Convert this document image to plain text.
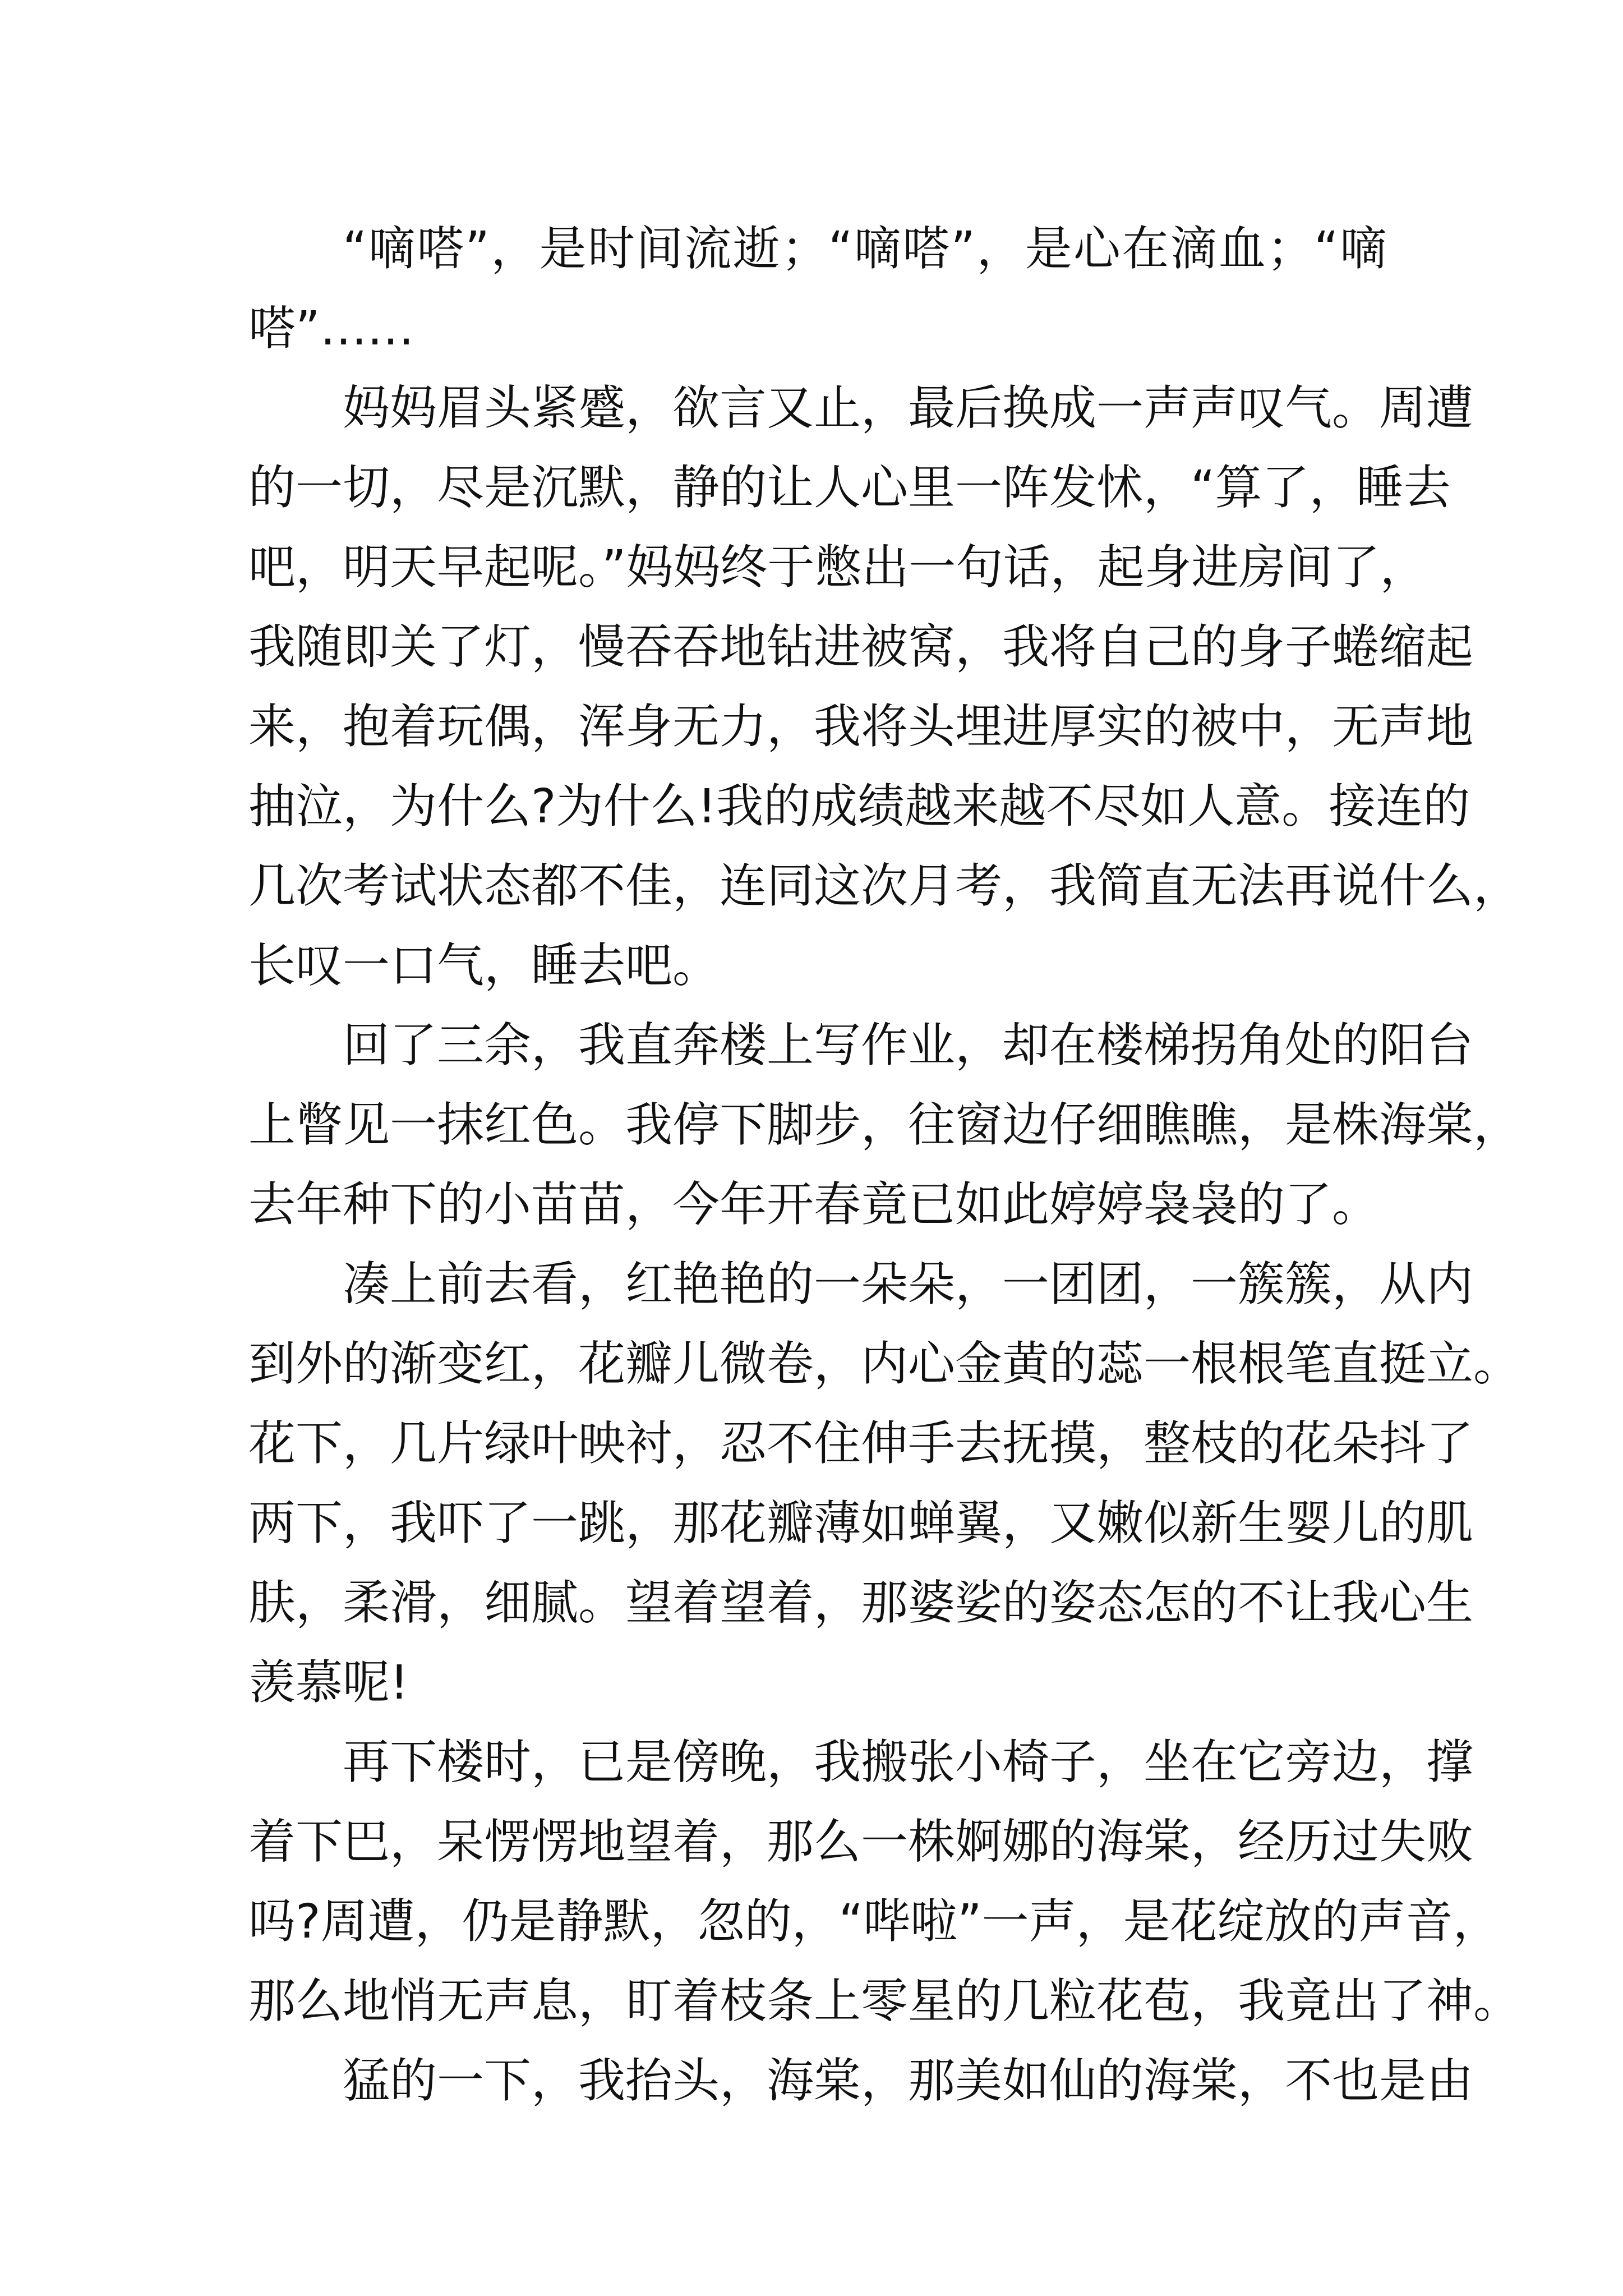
“嘀嗒”，是时间流逝；“嘀嗒”，是心在滴血；“嘀
嗒”……
妈妈眉头紧蹙，欲言又止，最后换成一声声叹气。周遭
的一切，尽是沉默，静的让人心里一阵发怵，“算了，睡去
吧，明天早起呢。”妈妈终于憋出一句话，起身进房间了，
我随即关了灯，慢吞吞地钻进被窝，我将自己的身子蜷缩起
来，抱着玩偶，浑身无力，我将头埋进厚实的被中，无声地
抽泣，为什么?为什么!我的成绩越来越不尽如人意。接连的
几次考试状态都不佳，连同这次月考，我简直无法再说什么，
长叹一口气，睡去吧。
回了三余，我直奔楼上写作业，却在楼梯拐角处的阳台
上瞥见一抹红色。我停下脚步，往窗边仔细瞧瞧，是株海棠，
去年种下的小苗苗，今年开春竟已如此婷婷袅袅的了。
凑上前去看，红艳艳的一朵朵，一团团，一簇簇，从内
到外的渐变红，花瓣儿微卷，内心金黄的蕊一根根笔直挺立。
花下，几片绿叶映衬，忍不住伸手去抚摸，整枝的花朵抖了
两下，我吓了一跳，那花瓣薄如蝉翼，又嫩似新生婴儿的肌
肤，柔滑，细腻。望着望着，那婆娑的姿态怎的不让我心生
羡慕呢!
再下楼时，已是傍晚，我搬张小椅子，坐在它旁边，撑
着下巴，呆愣愣地望着，那么一株婀娜的海棠，经历过失败
吗?周遭，仍是静默，忽的，“哔啦”一声，是花绽放的声音，
那么地悄无声息，盯着枝条上零星的几粒花苞，我竟出了神。
猛的一下，我抬头，海棠，那美如仙的海棠，不也是由
